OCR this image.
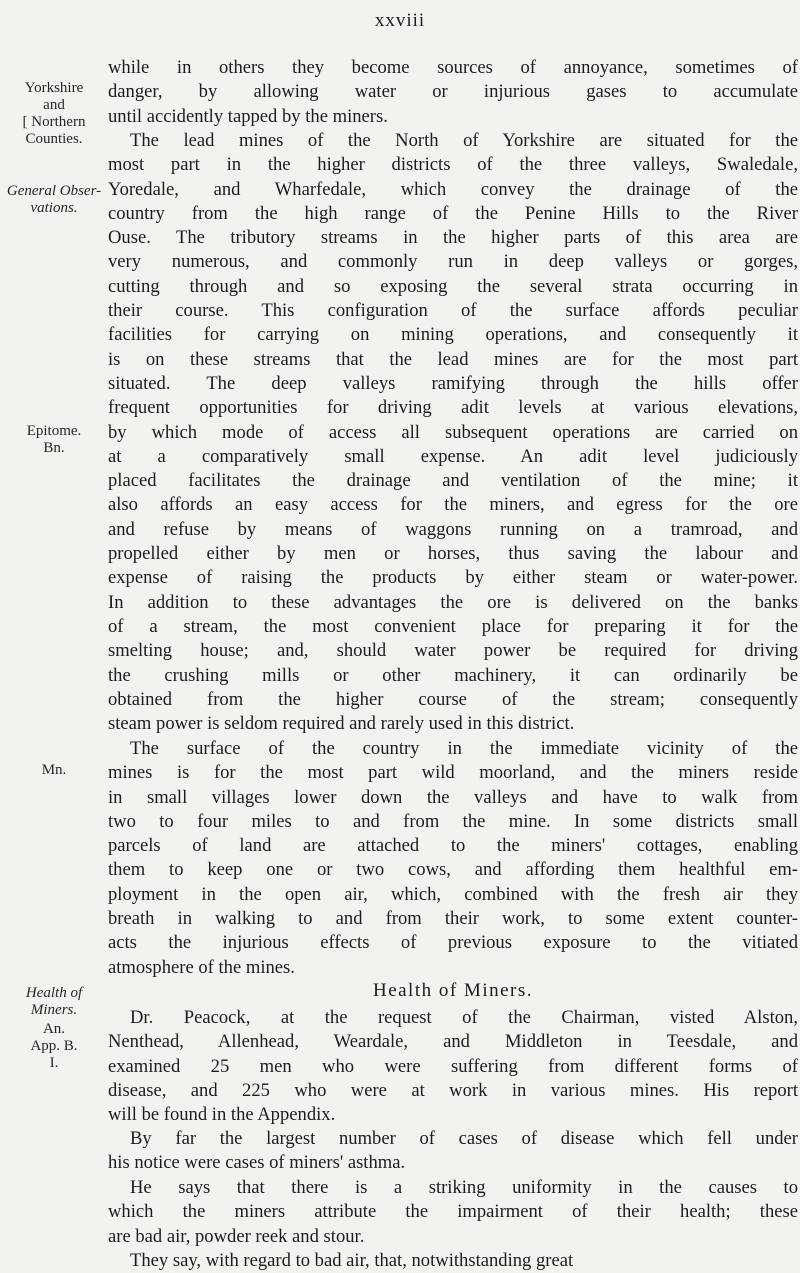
xxviii
Yorkshire
and
[ Northern
Counties.
General Obser-
vations.
Epitome.
Bn.
Mn.
Health of
Miners.
An.
App. B.
I.
while in others they become sources of annoyance, sometimes of
danger, by allowing water or injurious gases to accumulate
until accidently tapped by the miners.
The lead mines of the North of Yorkshire are situated for the
most part in the higher districts of the three valleys, Swaledale,
Yoredale, and Wharfedale, which convey the drainage of the
country from the high range of the Penine Hills to the River
Ouse. The tributory streams in the higher parts of this area are
very numerous, and commonly run in deep valleys or gorges,
cutting through and so exposing the several strata occurring in
their course. This configuration of the surface affords peculiar
facilities for carrying on mining operations, and consequently it
is on these streams that the lead mines are for the most part
situated. The deep valleys ramifying through the hills offer
frequent opportunities for driving adit levels at various elevations,
by which mode of access all subsequent operations are carried on
at a comparatively small expense. An adit level judiciously
placed facilitates the drainage and ventilation of the mine; it
also affords an easy access for the miners, and egress for the ore
and refuse by means of waggons running on a tramroad, and
propelled either by men or horses, thus saving the labour and
expense of raising the products by either steam or water-power.
In addition to these advantages the ore is delivered on the banks
of a stream, the most convenient place for preparing it for the
smelting house; and, should water power be required for driving
the crushing mills or other machinery, it can ordinarily be
obtained from the higher course of the stream; consequently
steam power is seldom required and rarely used in this district.
The surface of the country in the immediate vicinity of the
mines is for the most part wild moorland, and the miners reside
in small villages lower down the valleys and have to walk from
two to four miles to and from the mine. In some districts small
parcels of land are attached to the miners' cottages, enabling
them to keep one or two cows, and affording them healthful em-
ployment in the open air, which, combined with the fresh air they
breath in walking to and from their work, to some extent counter-
acts the injurious effects of previous exposure to the vitiated
atmosphere of the mines.
Health of Miners.
Dr. Peacock, at the request of the Chairman, visted Alston,
Nenthead, Allenhead, Weardale, and Middleton in Teesdale, and
examined 25 men who were suffering from different forms of
disease, and 225 who were at work in various mines. His report
will be found in the Appendix.
By far the largest number of cases of disease which fell under
his notice were cases of miners' asthma.
He says that there is a striking uniformity in the causes to
which the miners attribute the impairment of their health; these
are bad air, powder reek and stour.
They say, with regard to bad air, that, notwithstanding great
